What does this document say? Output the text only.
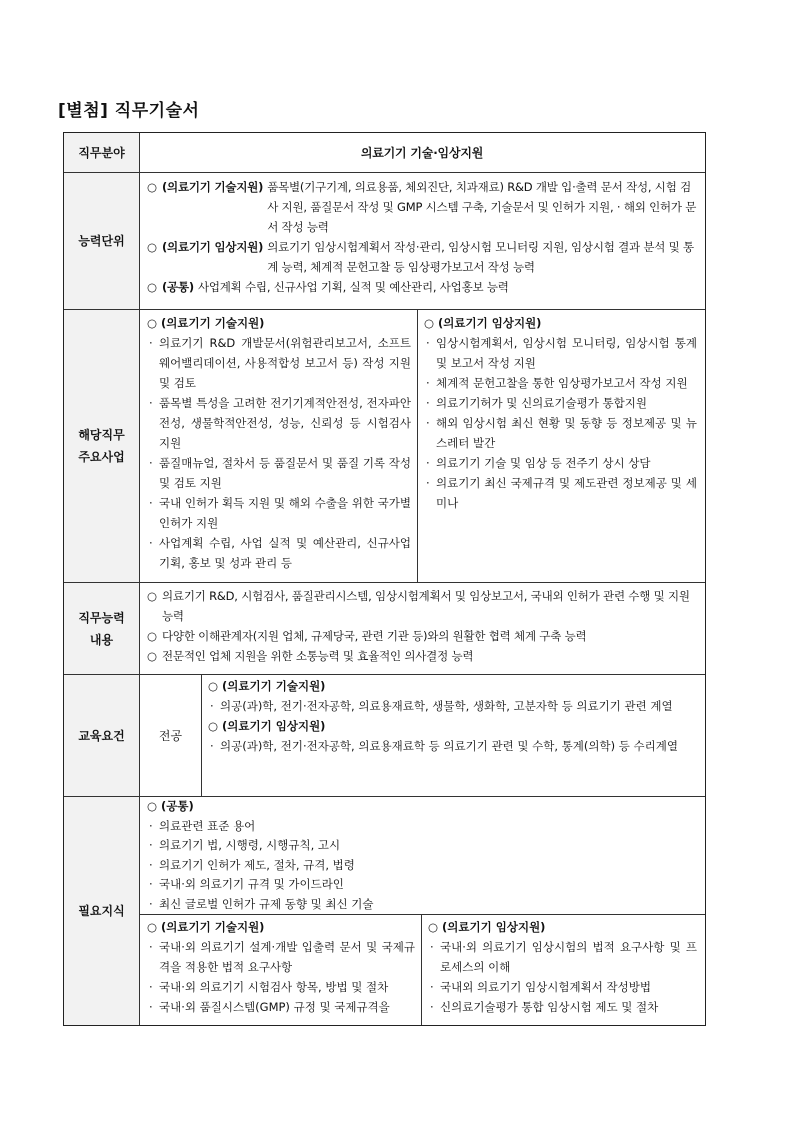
[별첨] 직무기술서
직무분야	의료기기 기술·임상지원
능력단위
○ (의료기기 기술지원) 품목별(기구기계, 의료용품, 체외진단, 치과재료) R&D 개발 입·출력 문서 작성, 시험 검사 지원, 품질문서 작성 및 GMP 시스템 구축, 기술문서 및 인허가 지원, · 해외 인허가 문서 작성 능력
○ (의료기기 임상지원) 의료기기 임상시험계획서 작성·관리, 임상시험 모니터링 지원, 임상시험 결과 분석 및 통계 능력, 체계적 문헌고찰 등 임상평가보고서 작성 능력
○ (공통) 사업계획 수립, 신규사업 기획, 실적 및 예산관리, 사업홍보 능력
해당직무
주요사업
○ (의료기기 기술지원)
· 의료기기 R&D 개발문서(위험관리보고서, 소프트웨어밸리데이션, 사용적합성 보고서 등) 작성 지원 및 검토
· 품목별 특성을 고려한 전기기계적안전성, 전자파안전성, 생물학적안전성, 성능, 신뢰성 등 시험검사 지원
· 품질매뉴얼, 절차서 등 품질문서 및 품질 기록 작성 및 검토 지원
· 국내 인허가 획득 지원 및 해외 수출을 위한 국가별 인허가 지원
· 사업계획 수립, 사업 실적 및 예산관리, 신규사업 기획, 홍보 및 성과 관리 등
○ (의료기기 임상지원)
· 임상시험계획서, 임상시험 모니터링, 임상시험 통계 및 보고서 작성 지원
· 체계적 문헌고찰을 통한 임상평가보고서 작성 지원
· 의료기기허가 및 신의료기술평가 통합지원
· 해외 임상시험 최신 현황 및 동향 등 정보제공 및 뉴스레터 발간
· 의료기기 기술 및 임상 등 전주기 상시 상담
· 의료기기 최신 국제규격 및 제도관련 정보제공 및 세미나
직무능력
내용
○ 의료기기 R&D, 시험검사, 품질관리시스템, 임상시험계획서 및 임상보고서, 국내외 인허가 관련 수행 및 지원 능력
○ 다양한 이해관계자(지원 업체, 규제당국, 관련 기관 등)와의 원활한 협력 체계 구축 능력
○ 전문적인 업체 지원을 위한 소통능력 및 효율적인 의사결정 능력
교육요건	전공
○ (의료기기 기술지원)
· 의공(과)학, 전기·전자공학, 의료용재료학, 생물학, 생화학, 고분자학 등 의료기기 관련 계열
○ (의료기기 임상지원)
· 의공(과)학, 전기·전자공학, 의료용재료학 등 의료기기 관련 및 수학, 통계(의학) 등 수리계열
필요지식
○ (공통)
· 의료관련 표준 용어
· 의료기기 법, 시행령, 시행규칙, 고시
· 의료기기 인허가 제도, 절차, 규격, 법령
· 국내·외 의료기기 규격 및 가이드라인
· 최신 글로벌 인허가 규제 동향 및 최신 기술
○ (의료기기 기술지원)
· 국내·외 의료기기 설계·개발 입출력 문서 및 국제규격을 적용한 법적 요구사항
· 국내·외 의료기기 시험검사 항목, 방법 및 절차
· 국내·외 품질시스템(GMP) 규정 및 국제규격을
○ (의료기기 임상지원)
· 국내·외 의료기기 임상시험의 법적 요구사항 및 프로세스의 이해
· 국내외 의료기기 임상시험계획서 작성방법
· 신의료기술평가 통합 임상시험 제도 및 절차
